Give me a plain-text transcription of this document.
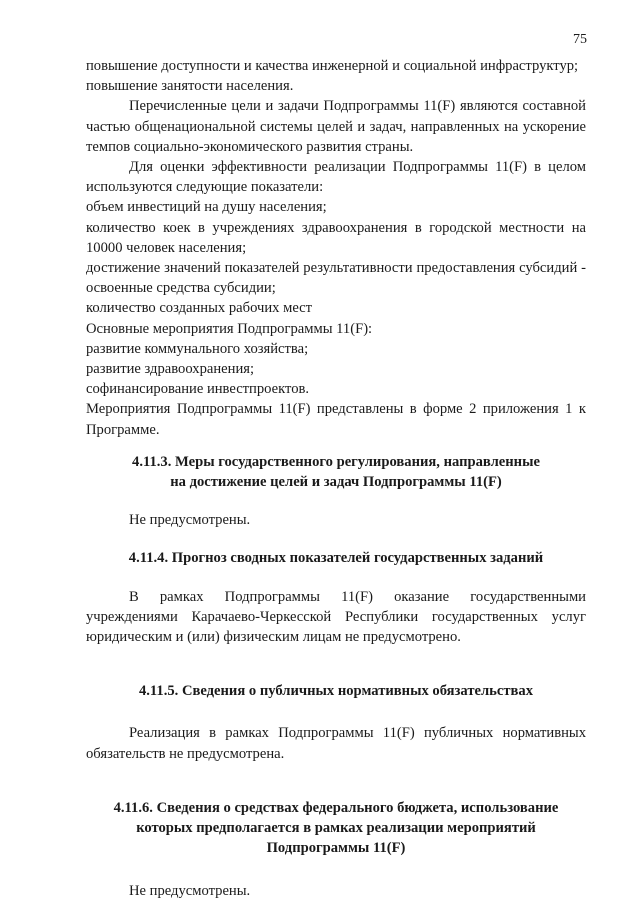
75

повышение доступности и качества инженерной и социальной инфраструктур;

повышение занятости населения.

Перечисленные цели и задачи Подпрограммы 11(F) являются составной частью общенациональной системы целей и задач, направленных на ускорение темпов социально-экономического развития страны.

Для оценки эффективности реализации Подпрограммы 11(F) в целом используются следующие показатели:

объем инвестиций на душу населения;

количество коек в учреждениях здравоохранения в городской местности на 10000 человек населения;

достижение значений показателей результативности предоставления субсидий - освоенные средства субсидии;

количество созданных рабочих мест

Основные мероприятия Подпрограммы 11(F):

развитие коммунального хозяйства;

развитие здравоохранения;

софинансирование инвестпроектов.

Мероприятия Подпрограммы 11(F) представлены в форме 2 приложения 1 к Программе.

4.11.3. Меры государственного регулирования, направленные
на достижение целей и задач Подпрограммы 11(F)

Не предусмотрены.

4.11.4. Прогноз сводных показателей государственных заданий

В рамках Подпрограммы 11(F) оказание государственными учреждениями Карачаево-Черкесской Республики государственных услуг юридическим и (или) физическим лицам не предусмотрено.

4.11.5. Сведения о публичных нормативных обязательствах

Реализация в рамках Подпрограммы 11(F) публичных нормативных обязательств не предусмотрена.

4.11.6. Сведения о средствах федерального бюджета, использование
которых предполагается в рамках реализации мероприятий
Подпрограммы 11(F)

Не предусмотрены.
